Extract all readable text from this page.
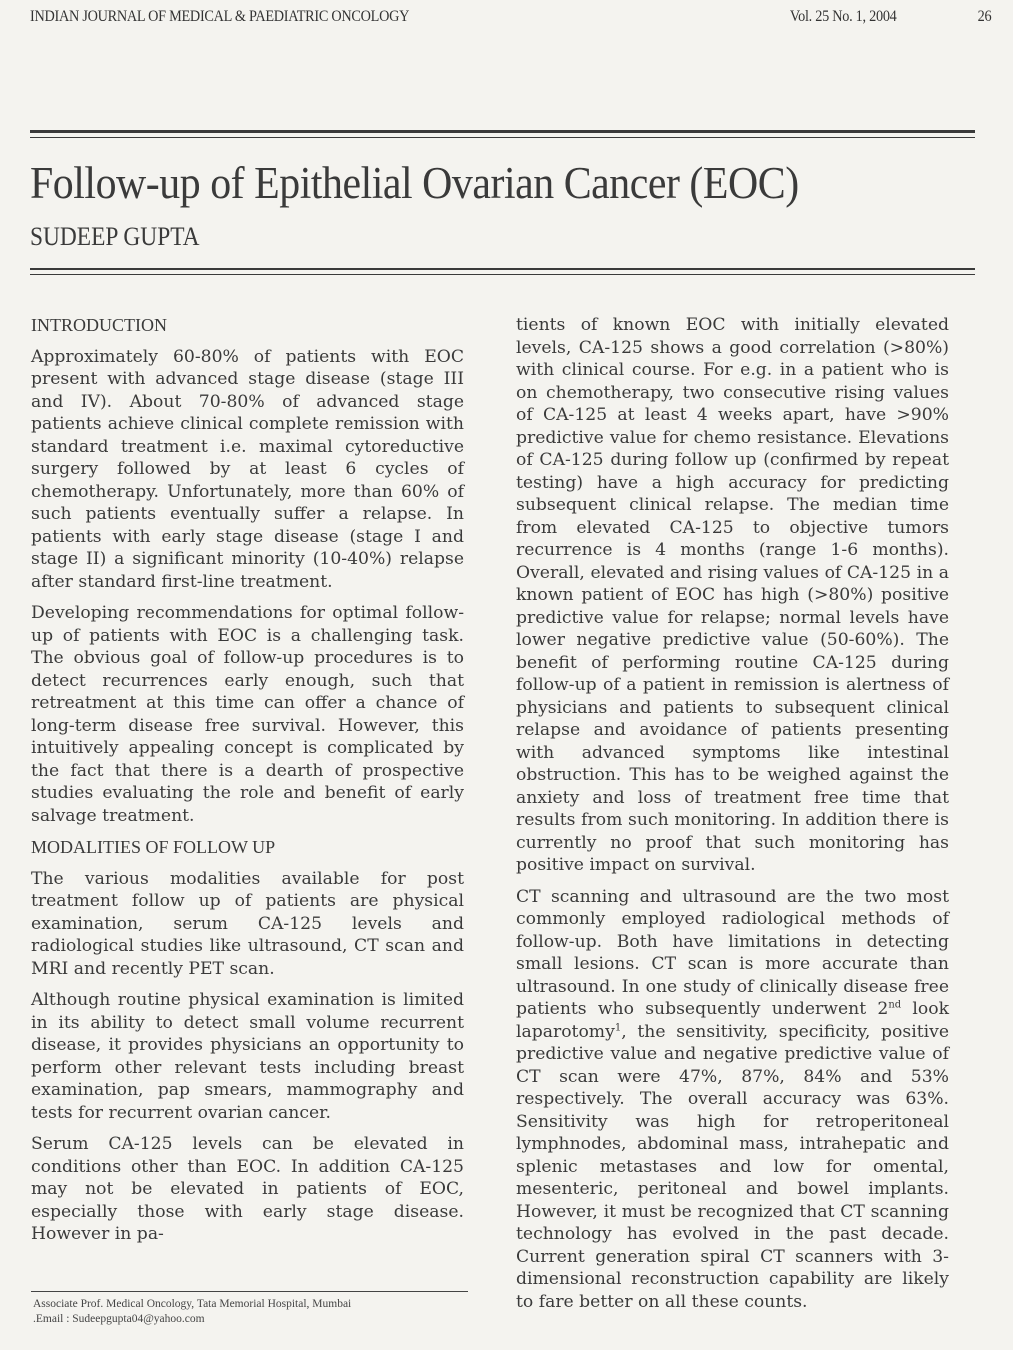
INDIAN JOURNAL OF MEDICAL & PAEDIATRIC ONCOLOGY	Vol. 25 No. 1, 2004	26
Follow-up of Epithelial Ovarian Cancer (EOC)
SUDEEP GUPTA
INTRODUCTION

Approximately 60-80% of patients with EOC present with advanced stage disease (stage III and IV). About 70-80% of advanced stage patients achieve clinical complete remission with standard treatment i.e. maximal cytoreductive surgery followed by at least 6 cycles of chemotherapy. Unfortunately, more than 60% of such patients eventually suffer a relapse. In patients with early stage disease (stage I and stage II) a significant minority (10-40%) relapse after standard first-line treatment.

Developing recommendations for optimal follow-up of patients with EOC is a challenging task. The obvious goal of follow-up procedures is to detect recurrences early enough, such that retreatment at this time can offer a chance of long-term disease free survival. However, this intuitively appealing concept is complicated by the fact that there is a dearth of prospective studies evaluating the role and benefit of early salvage treatment.

MODALITIES OF FOLLOW UP

The various modalities available for post treatment follow up of patients are physical examination, serum CA-125 levels and radiological studies like ultrasound, CT scan and MRI and recently PET scan.

Although routine physical examination is limited in its ability to detect small volume recurrent disease, it provides physicians an opportunity to perform other relevant tests including breast examination, pap smears, mammography and tests for recurrent ovarian cancer.

Serum CA-125 levels can be elevated in conditions other than EOC. In addition CA-125 may not be elevated in patients of EOC, especially those with early stage disease. However in pa-

tients of known EOC with initially elevated levels, CA-125 shows a good correlation (>80%) with clinical course. For e.g. in a patient who is on chemotherapy, two consecutive rising values of CA-125 at least 4 weeks apart, have >90% predictive value for chemo resistance. Elevations of CA-125 during follow up (confirmed by repeat testing) have a high accuracy for predicting subsequent clinical relapse. The median time from elevated CA-125 to objective tumors recurrence is 4 months (range 1-6 months). Overall, elevated and rising values of CA-125 in a known patient of EOC has high (>80%) positive predictive value for relapse; normal levels have lower negative predictive value (50-60%). The benefit of performing routine CA-125 during follow-up of a patient in remission is alertness of physicians and patients to subsequent clinical relapse and avoidance of patients presenting with advanced symptoms like intestinal obstruction. This has to be weighed against the anxiety and loss of treatment free time that results from such monitoring. In addition there is currently no proof that such monitoring has positive impact on survival.

CT scanning and ultrasound are the two most commonly employed radiological methods of follow-up. Both have limitations in detecting small lesions. CT scan is more accurate than ultrasound. In one study of clinically disease free patients who subsequently underwent 2nd look laparotomy$^1$, the sensitivity, specificity, positive predictive value and negative predictive value of CT scan were 47%, 87%, 84% and 53% respectively. The overall accuracy was 63%. Sensitivity was high for retroperitoneal lymphnodes, abdominal mass, intrahepatic and splenic metastases and low for omental, mesenteric, peritoneal and bowel implants. However, it must be recognized that CT scanning technology has evolved in the past decade. Current generation spiral CT scanners with 3- dimensional reconstruction capability are likely to fare better on all these counts.

Associate Prof. Medical Oncology, Tata Memorial Hospital, Mumbai
.Email : Sudeepgupta04@yahoo.com
